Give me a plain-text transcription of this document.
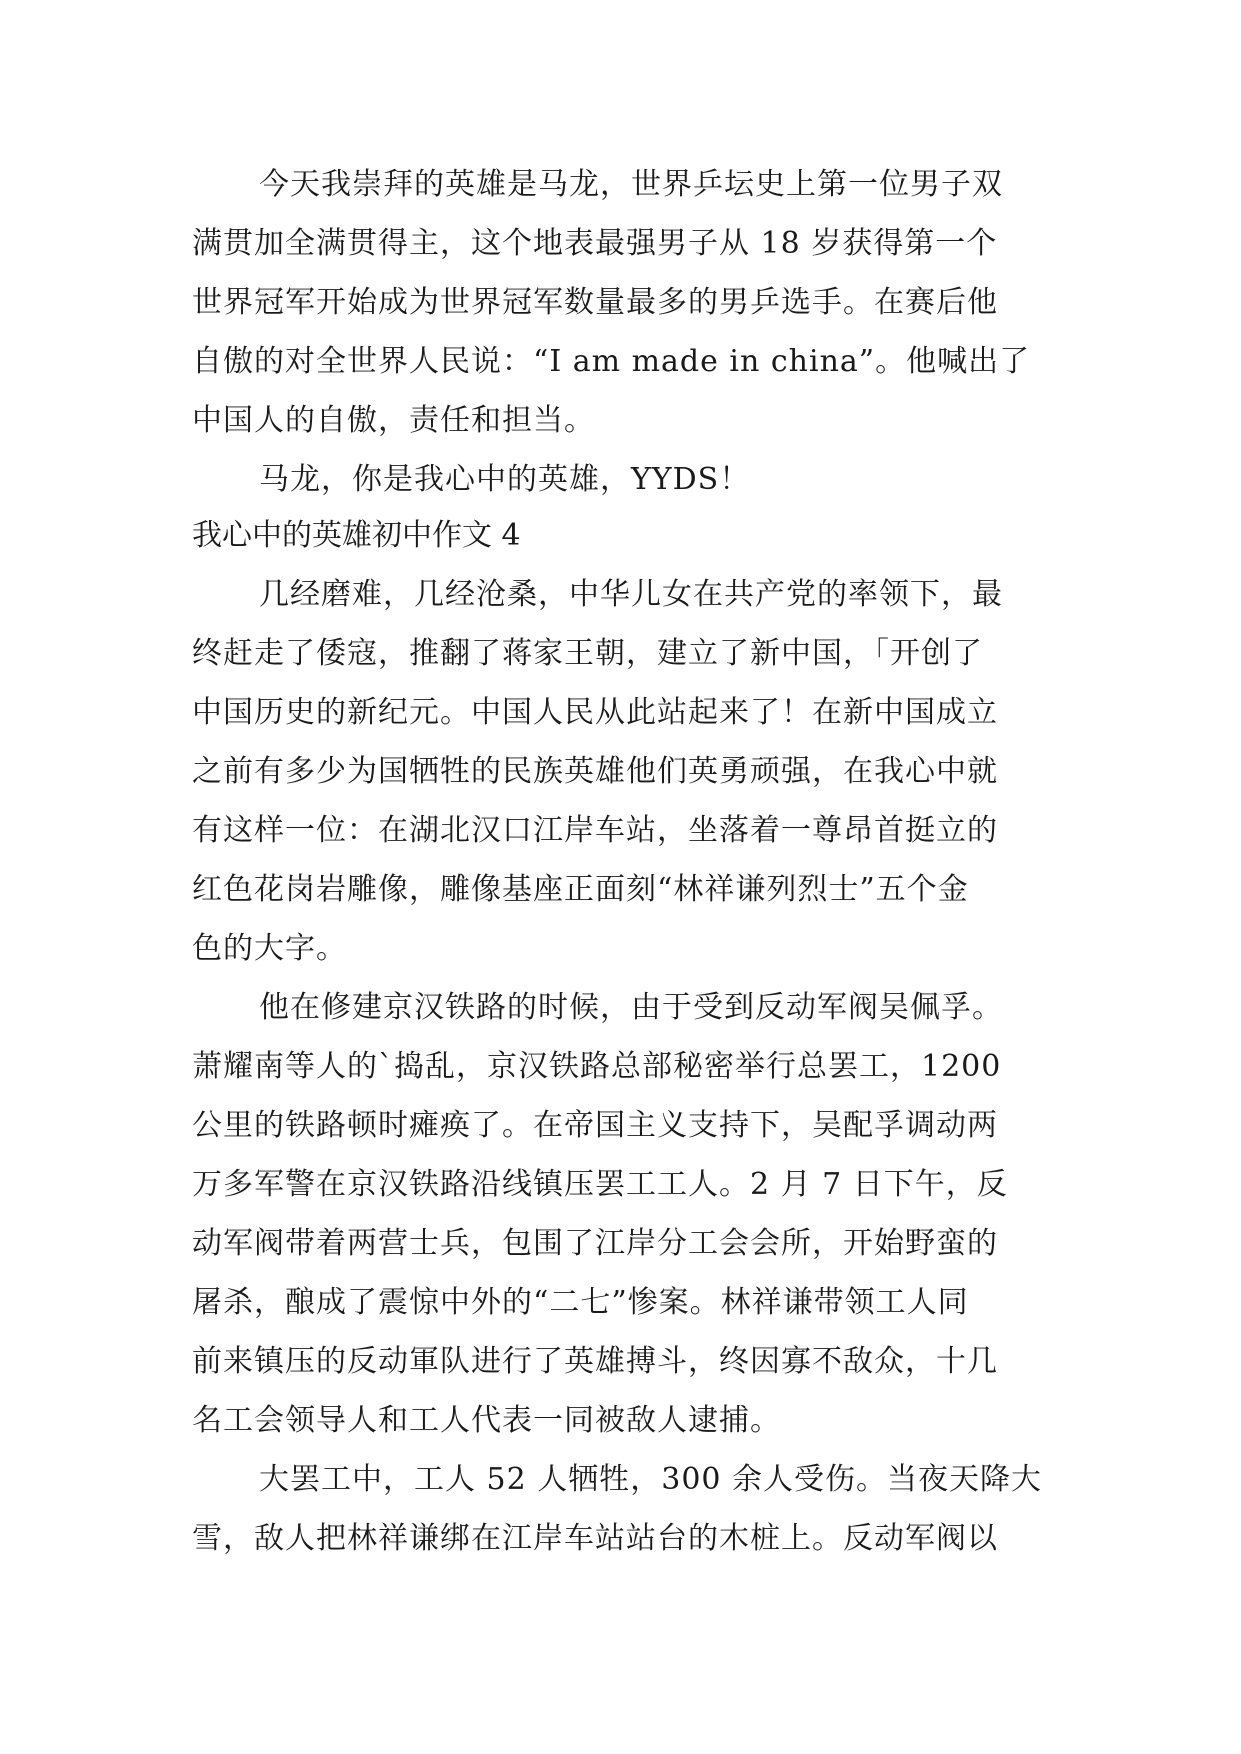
今天我崇拜的英雄是马龙，世界乒坛史上第一位男子双
满贯加全满贯得主，这个地表最强男子从 18 岁获得第一个
世界冠军开始成为世界冠军数量最多的男乒选手。在赛后他
自傲的对全世界人民说：“I am made in china”。他喊出了
中国人的自傲，责任和担当。
马龙，你是我心中的英雄，YYDS！
我心中的英雄初中作文 4
几经磨难，几经沧桑，中华儿女在共产党的率领下，最
终赶走了倭寇，推翻了蒋家王朝，建立了新中国，「开创了
中国历史的新纪元。中国人民从此站起来了！在新中国成立
之前有多少为国牺牲的民族英雄他们英勇顽强，在我心中就
有这样一位：在湖北汉口江岸车站，坐落着一尊昂首挺立的
红色花岗岩雕像，雕像基座正面刻“林祥谦列烈士”五个金
色的大字。
他在修建京汉铁路的时候，由于受到反动军阀吴佩孚。
萧耀南等人的`捣乱，京汉铁路总部秘密举行总罢工，1200
公里的铁路顿时瘫痪了。在帝国主义支持下，吴配孚调动两
万多军警在京汉铁路沿线镇压罢工工人。2 月 7 日下午，反
动军阀带着两营士兵，包围了江岸分工会会所，开始野蛮的
屠杀，酿成了震惊中外的“二七”惨案。林祥谦带领工人同
前来镇压的反动軍队进行了英雄搏斗，终因寡不敌众，十几
名工会领导人和工人代表一同被敌人逮捕。
大罢工中，工人 52 人牺牲，300 余人受伤。当夜天降大
雪，敌人把林祥谦绑在江岸车站站台的木桩上。反动军阀以
